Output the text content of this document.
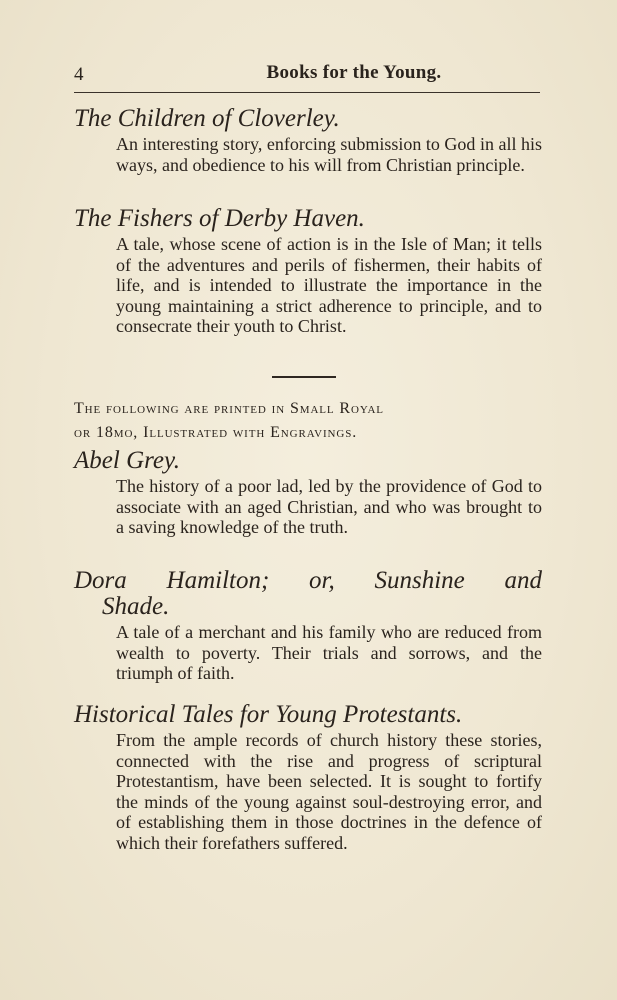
4	Books for the Young.

The Children of Cloverley.

An interesting story, enforcing submission to God in all his ways, and obedience to his will from Christian principle.

The Fishers of Derby Haven.

A tale, whose scene of action is in the Isle of Man; it tells of the adventures and perils of fishermen, their habits of life, and is intended to illustrate the importance in the young maintaining a strict adherence to principle, and to consecrate their youth to Christ.

The following are printed in Small Royal
or 18mo, Illustrated with Engravings.

Abel Grey.

The history of a poor lad, led by the providence of God to associate with an aged Christian, and who was brought to a saving knowledge of the truth.

Dora Hamilton; or, Sunshine and

Shade.

A tale of a merchant and his family who are reduced from wealth to poverty. Their trials and sorrows, and the triumph of faith.

Historical Tales for Young Protestants.

From the ample records of church history these stories, connected with the rise and progress of scriptural Protestantism, have been selected. It is sought to fortify the minds of the young against soul-destroying error, and of establishing them in those doctrines in the defence of which their forefathers suffered.
